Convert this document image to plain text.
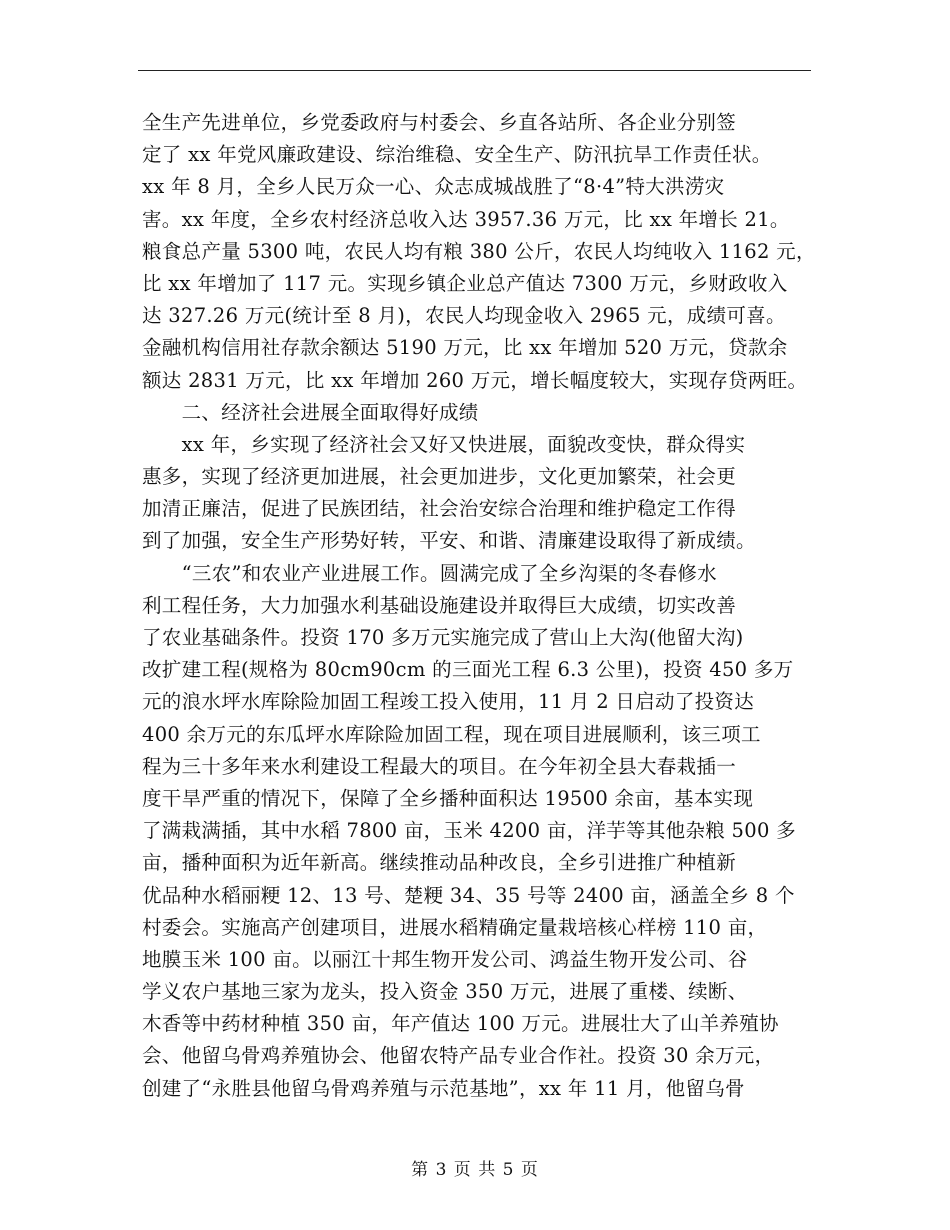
全生产先进单位，乡党委政府与村委会、乡直各站所、各企业分别签
定了 xx 年党风廉政建设、综治维稳、安全生产、防汛抗旱工作责任状。
xx 年 8 月，全乡人民万众一心、众志成城战胜了“8·4”特大洪涝灾
害。xx 年度，全乡农村经济总收入达 3957.36 万元，比 xx 年增长 21。
粮食总产量 5300 吨，农民人均有粮 380 公斤，农民人均纯收入 1162 元，
比 xx 年增加了 117 元。实现乡镇企业总产值达 7300 万元，乡财政收入
达 327.26 万元(统计至 8 月)，农民人均现金收入 2965 元，成绩可喜。
金融机构信用社存款余额达 5190 万元，比 xx 年增加 520 万元，贷款余
额达 2831 万元，比 xx 年增加 260 万元，增长幅度较大，实现存贷两旺。
　　二、经济社会进展全面取得好成绩
　　xx 年，乡实现了经济社会又好又快进展，面貌改变快，群众得实
惠多，实现了经济更加进展，社会更加进步，文化更加繁荣，社会更
加清正廉洁，促进了民族团结，社会治安综合治理和维护稳定工作得
到了加强，安全生产形势好转，平安、和谐、清廉建设取得了新成绩。
　　“三农”和农业产业进展工作。圆满完成了全乡沟渠的冬春修水
利工程任务，大力加强水利基础设施建设并取得巨大成绩，切实改善
了农业基础条件。投资 170 多万元实施完成了营山上大沟(他留大沟)
改扩建工程(规格为 80cm90cm 的三面光工程 6.3 公里)，投资 450 多万
元的浪水坪水库除险加固工程竣工投入使用，11 月 2 日启动了投资达
400 余万元的东瓜坪水库除险加固工程，现在项目进展顺利，该三项工
程为三十多年来水利建设工程最大的项目。在今年初全县大春栽插一
度干旱严重的情况下，保障了全乡播种面积达 19500 余亩，基本实现
了满栽满插，其中水稻 7800 亩，玉米 4200 亩，洋芋等其他杂粮 500 多
亩，播种面积为近年新高。继续推动品种改良，全乡引进推广种植新
优品种水稻丽粳 12、13 号、楚粳 34、35 号等 2400 亩，涵盖全乡 8 个
村委会。实施高产创建项目，进展水稻精确定量栽培核心样榜 110 亩，
地膜玉米 100 亩。以丽江十邦生物开发公司、鸿益生物开发公司、谷
学义农户基地三家为龙头，投入资金 350 万元，进展了重楼、续断、
木香等中药材种植 350 亩，年产值达 100 万元。进展壮大了山羊养殖协
会、他留乌骨鸡养殖协会、他留农特产品专业合作社。投资 30 余万元，
创建了“永胜县他留乌骨鸡养殖与示范基地”，xx 年 11 月，他留乌骨
第 3 页 共 5 页
